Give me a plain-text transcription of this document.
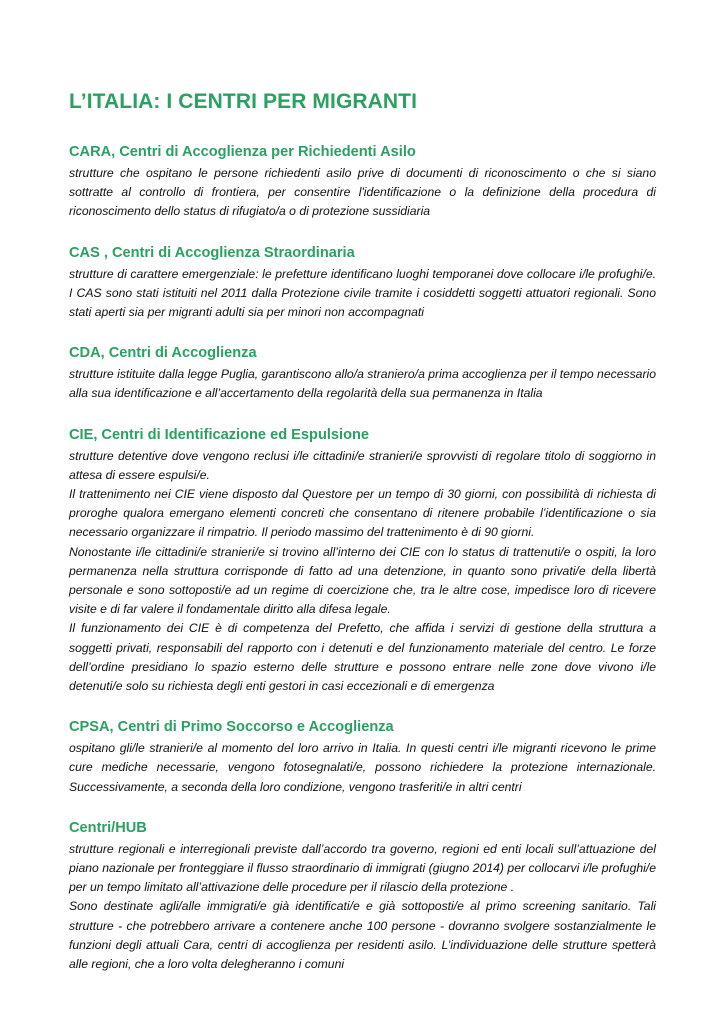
L’ITALIA: I CENTRI PER MIGRANTI
CARA, Centri di Accoglienza per Richiedenti Asilo

strutture che ospitano le persone richiedenti asilo prive di documenti di riconoscimento o che si siano sottratte al controllo di frontiera, per consentire l'identificazione o la definizione della procedura di riconoscimento dello status di rifugiato/a o di protezione sussidiaria

CAS , Centri di Accoglienza Straordinaria

strutture di carattere emergenziale: le prefetture identificano luoghi temporanei dove collocare i/le profughi/e. I CAS sono stati istituiti nel 2011 dalla Protezione civile tramite i cosiddetti soggetti attuatori regionali. Sono stati aperti sia per migranti adulti sia per minori non accompagnati

CDA, Centri di Accoglienza

strutture istituite dalla legge Puglia, garantiscono allo/a straniero/a prima accoglienza per il tempo necessario alla sua identificazione e all’accertamento della regolarità della sua permanenza in Italia

CIE, Centri di Identificazione ed Espulsione

strutture detentive dove vengono reclusi i/le cittadini/e stranieri/e sprovvisti di regolare titolo di soggiorno in attesa di essere espulsi/e.

Il trattenimento nei CIE viene disposto dal Questore per un tempo di 30 giorni, con possibilità di richiesta di proroghe qualora emergano elementi concreti che consentano di ritenere probabile l’identificazione o sia necessario organizzare il rimpatrio. Il periodo massimo del trattenimento è di 90 giorni.

Nonostante i/le cittadini/e stranieri/e si trovino all’interno dei CIE con lo status di trattenuti/e o ospiti, la loro permanenza nella struttura corrisponde di fatto ad una detenzione, in quanto sono privati/e della libertà personale e sono sottoposti/e ad un regime di coercizione che, tra le altre cose, impedisce loro di ricevere visite e di far valere il fondamentale diritto alla difesa legale.

Il funzionamento dei CIE è di competenza del Prefetto, che affida i servizi di gestione della struttura a soggetti privati, responsabili del rapporto con i detenuti e del funzionamento materiale del centro. Le forze dell’ordine presidiano lo spazio esterno delle strutture e possono entrare nelle zone dove vivono i/le detenuti/e solo su richiesta degli enti gestori in casi eccezionali e di emergenza

CPSA, Centri di Primo Soccorso e Accoglienza

ospitano gli/le stranieri/e al momento del loro arrivo in Italia. In questi centri i/le migranti ricevono le prime cure mediche necessarie, vengono fotosegnalati/e, possono richiedere la protezione internazionale. Successivamente, a seconda della loro condizione, vengono trasferiti/e in altri centri

Centri/HUB

strutture regionali e interregionali previste dall’accordo tra governo, regioni ed enti locali sull’attuazione del piano nazionale per fronteggiare il flusso straordinario di immigrati (giugno 2014) per collocarvi i/le profughi/e per un tempo limitato all’attivazione delle procedure per il rilascio della protezione .

Sono destinate agli/alle immigrati/e già identificati/e e già sottoposti/e al primo screening sanitario. Tali strutture - che potrebbero arrivare a contenere anche 100 persone - dovranno svolgere sostanzialmente le funzioni degli attuali Cara, centri di accoglienza per residenti asilo. L’individuazione delle strutture spetterà alle regioni, che a loro volta delegheranno i comuni
